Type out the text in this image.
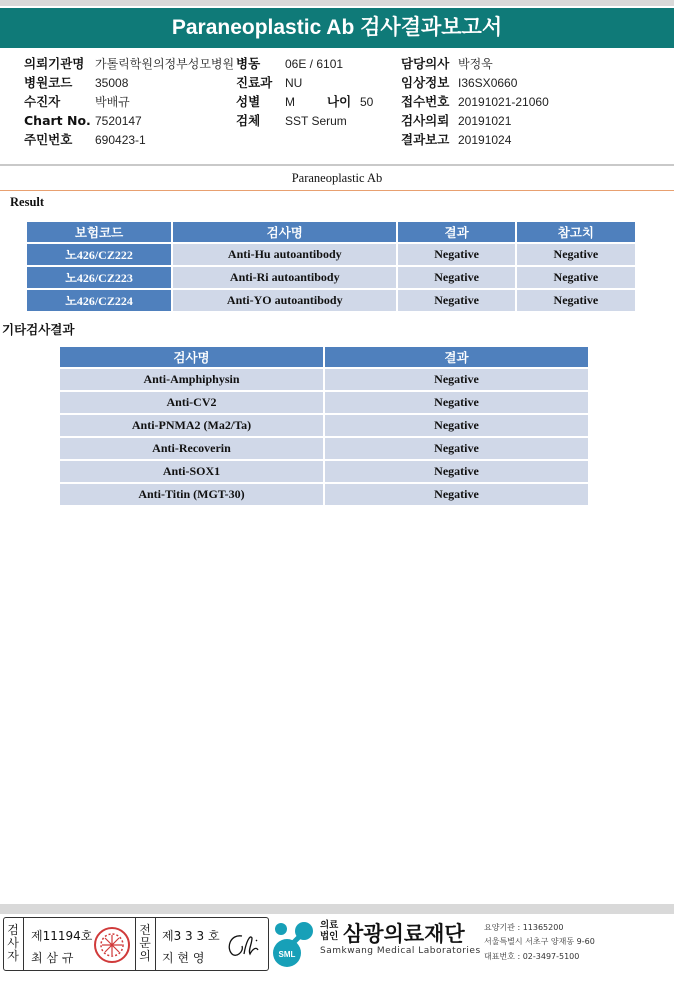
Paraneoplastic Ab 검사결과보고서
의뢰기관명 가톨릭학원의정부성모병원
병원코드 35008
수진자	박배규
Chart No. 7520147
주민번호 690423-1
병동 06E / 6101
진료과 NU
성별 M	나이 50
검체 SST Serum
담당의사 박정욱
임상정보 I36SX0660
접수번호 20191021-21060
검사의뢰 20191021
결과보고 20191024
Paraneoplastic Ab
Result
보험코드	검사명	결과	참고치
노426/CZ222	Anti-Hu autoantibody	Negative	Negative
노426/CZ223	Anti-Ri autoantibody	Negative	Negative
노426/CZ224	Anti-YO autoantibody	Negative	Negative
기타검사결과
검사명	결과
Anti-Amphiphysin	Negative
Anti-CV2	Negative
Anti-PNMA2 (Ma2/Ta)	Negative
Anti-Recoverin	Negative
Anti-SOX1	Negative
Anti-Titin (MGT-30)	Negative
검
사
자
제11194호
최 삼 규
전
문
의
제3 3 3 호
지 현 영	SML
의료
법인 삼광의료재단
Samkwang Medical Laboratories
요양기관 : 11365200
서울특별시 서초구 양재동 9-60
대표번호 : 02-3497-5100
